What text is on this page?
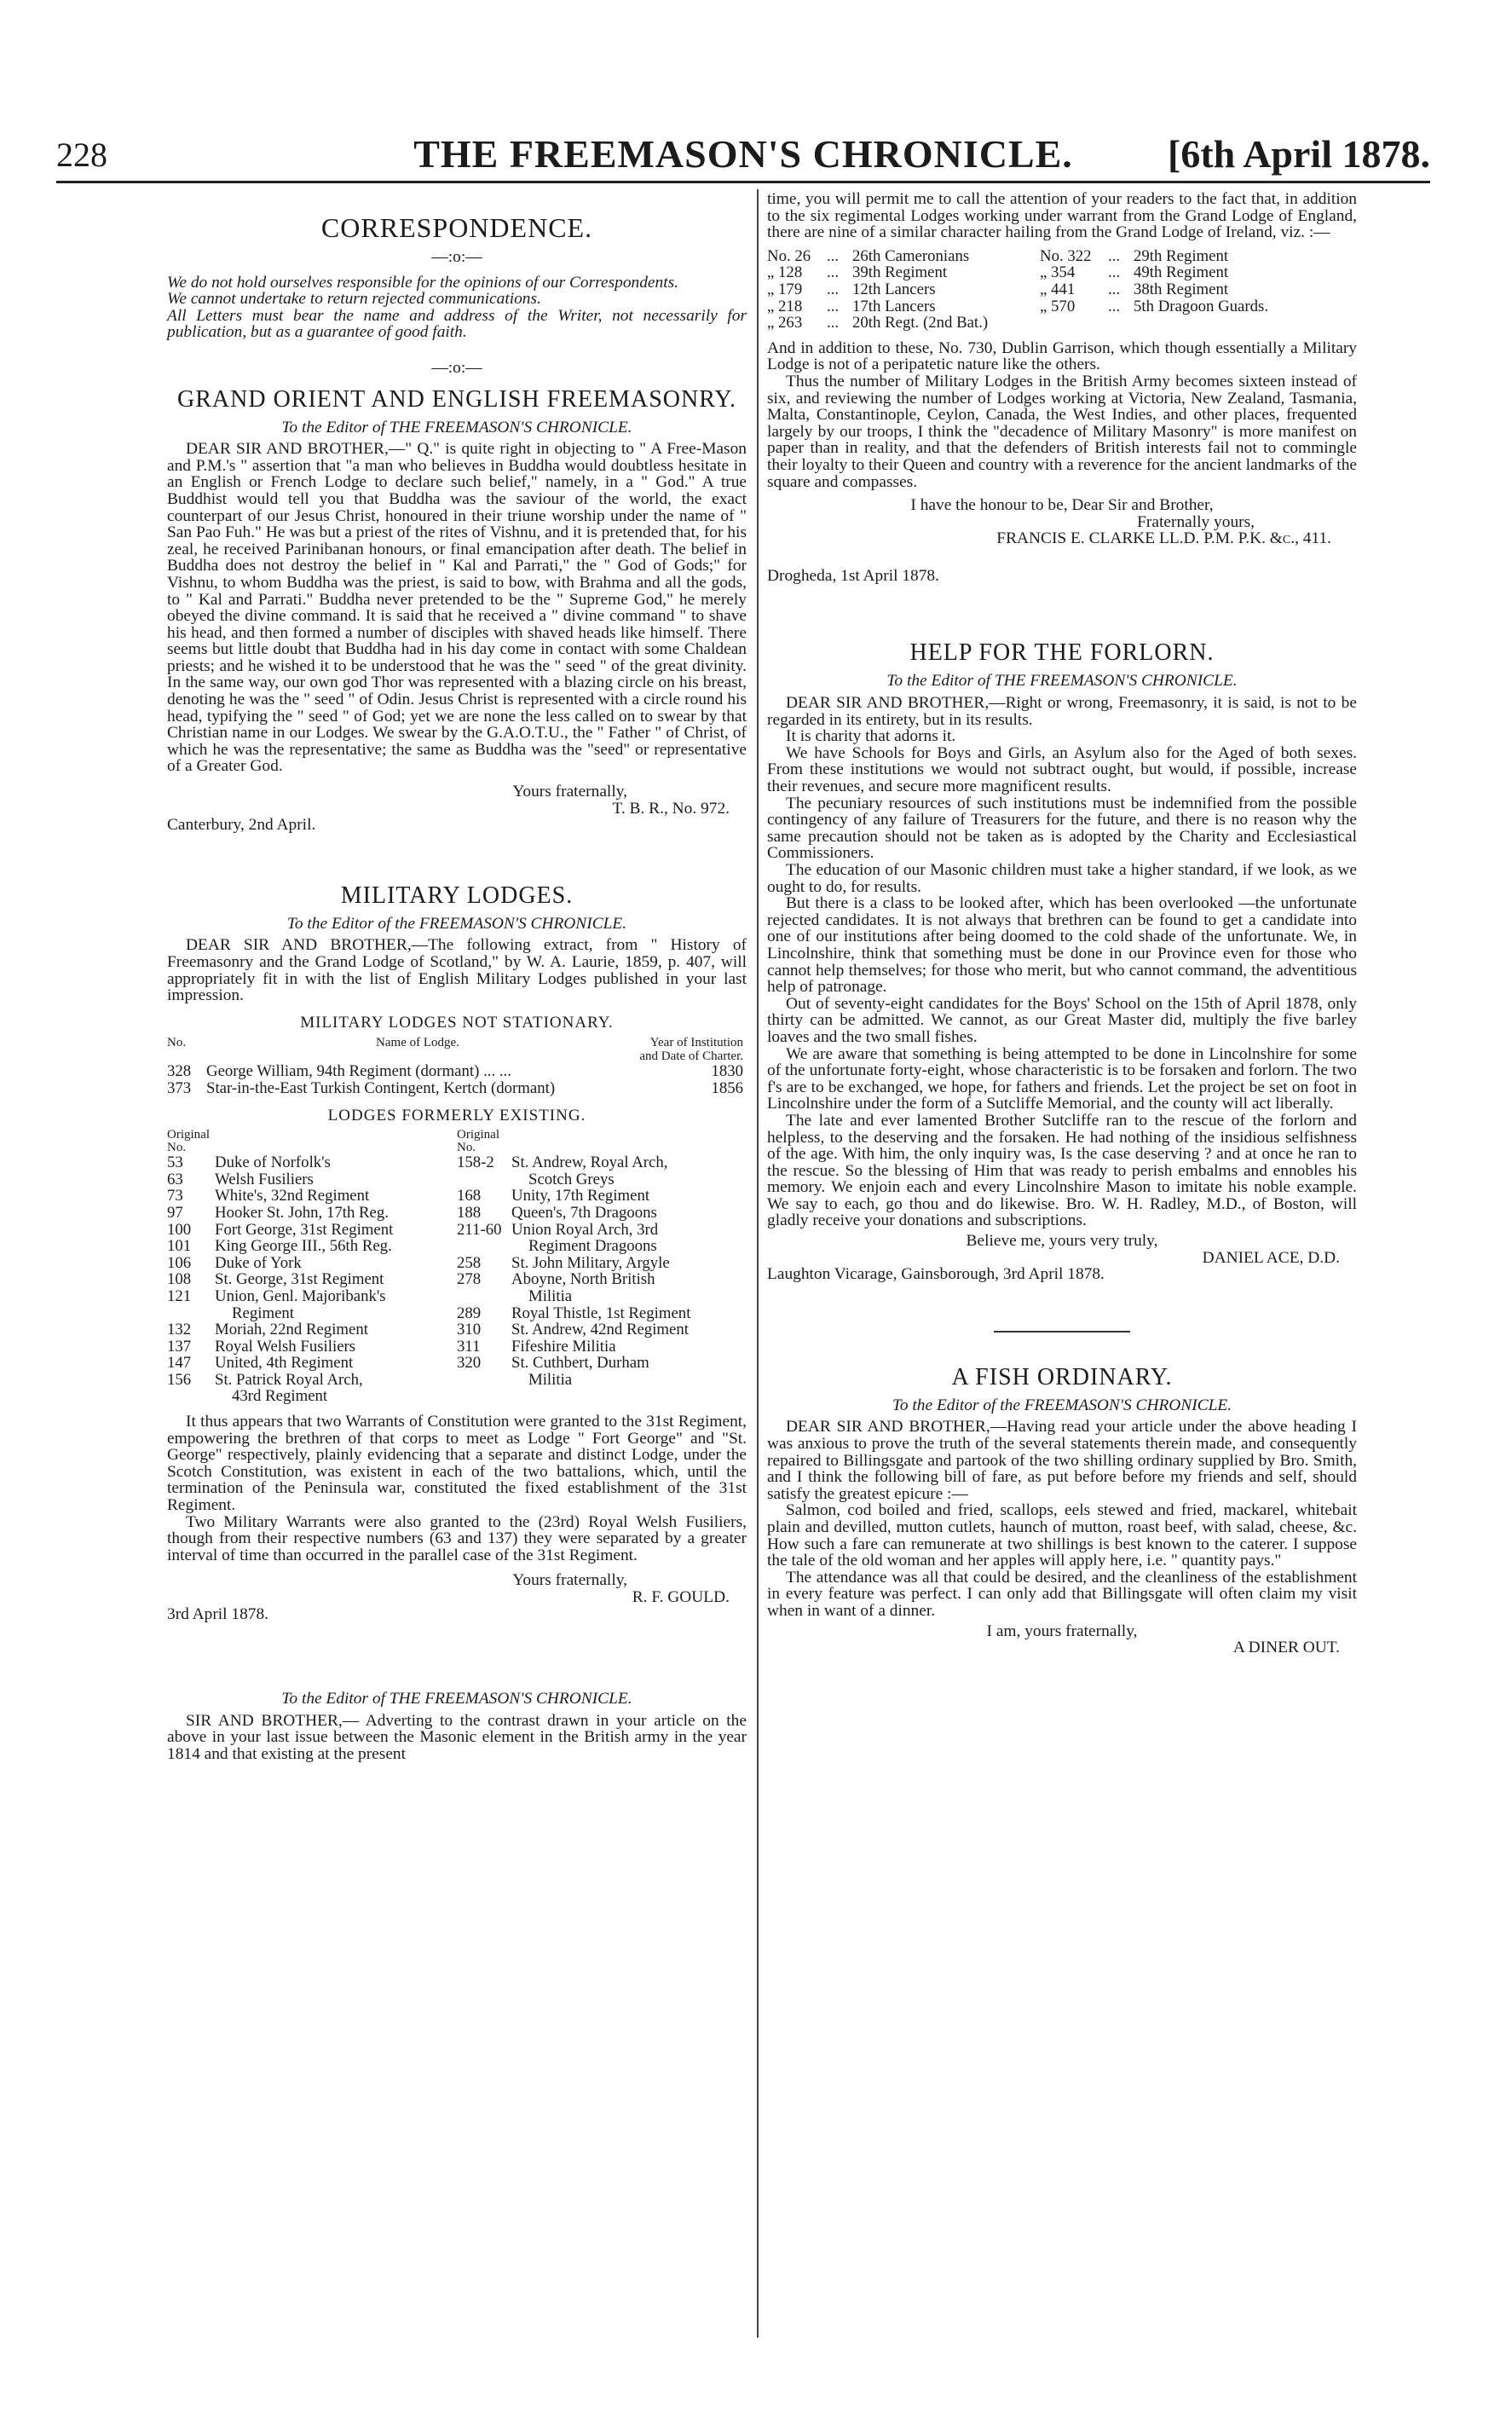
228	THE FREEMASON'S CHRONICLE.	[6th April 1878.
CORRESPONDENCE.
—:o:—

We do not hold ourselves responsible for the opinions of our Correspondents.

We cannot undertake to return rejected communications.

All Letters must bear the name and address of the Writer, not necessarily for publication, but as a guarantee of good faith.

—:o:—
GRAND ORIENT AND ENGLISH FREEMASONRY.
To the Editor of THE FREEMASON'S CHRONICLE.

DEAR SIR AND BROTHER,—" Q." is quite right in objecting to " A Free-Mason and P.M.'s " assertion that "a man who believes in Buddha would doubtless hesitate in an English or French Lodge to declare such belief," namely, in a " God." A true Buddhist would tell you that Buddha was the saviour of the world, the exact counterpart of our Jesus Christ, honoured in their triune worship under the name of " San Pao Fuh." He was but a priest of the rites of Vishnu, and it is pretended that, for his zeal, he received Parinibanan honours, or final emancipation after death. The belief in Buddha does not destroy the belief in " Kal and Parrati," the " God of Gods;" for Vishnu, to whom Buddha was the priest, is said to bow, with Brahma and all the gods, to " Kal and Parrati." Buddha never pretended to be the " Supreme God," he merely obeyed the divine command. It is said that he received a " divine command " to shave his head, and then formed a number of disciples with shaved heads like himself. There seems but little doubt that Buddha had in his day come in contact with some Chaldean priests; and he wished it to be understood that he was the " seed " of the great divinity. In the same way, our own god Thor was represented with a blazing circle on his breast, denoting he was the " seed " of Odin. Jesus Christ is represented with a circle round his head, typifying the " seed " of God; yet we are none the less called on to swear by that Christian name in our Lodges. We swear by the G.A.O.T.U., the " Father " of Christ, of which he was the representative; the same as Buddha was the "seed" or representative of a Greater God.

Yours fraternally,
T. B. R., No. 972.

Canterbury, 2nd April.

MILITARY LODGES.
To the Editor of the FREEMASON'S CHRONICLE.

DEAR SIR AND BROTHER,—The following extract, from " History of Freemasonry and the Grand Lodge of Scotland," by W. A. Laurie, 1859, p. 407, will appropriately fit in with the list of English Military Lodges published in your last impression.

MILITARY LODGES NOT STATIONARY.
No.	Name of Lodge.	Year of Institution and Date of Charter.
328	George William, 94th Regiment (dormant) ... ...	1830
373	Star-in-the-East Turkish Contingent, Kertch (dormant)	1856
LODGES FORMERLY EXISTING.
Original No.		Original No.	
53	Duke of Norfolk's	158-2	St. Andrew, Royal Arch,
63	Welsh Fusiliers		Scotch Greys
73	White's, 32nd Regiment	168	Unity, 17th Regiment
97	Hooker St. John, 17th Reg.	188	Queen's, 7th Dragoons
100	Fort George, 31st Regiment	211-60	Union Royal Arch, 3rd
101	King George III., 56th Reg.		Regiment Dragoons
106	Duke of York	258	St. John Military, Argyle
108	St. George, 31st Regiment	278	Aboyne, North British
121	Union, Genl. Majoribank's		Militia
	Regiment	289	Royal Thistle, 1st Regiment
132	Moriah, 22nd Regiment	310	St. Andrew, 42nd Regiment
137	Royal Welsh Fusiliers	311	Fifeshire Militia
147	United, 4th Regiment	320	St. Cuthbert, Durham
156	St. Patrick Royal Arch,		Militia
	43rd Regiment		

It thus appears that two Warrants of Constitution were granted to the 31st Regiment, empowering the brethren of that corps to meet as Lodge " Fort George" and "St. George" respectively, plainly evidencing that a separate and distinct Lodge, under the Scotch Constitution, was existent in each of the two battalions, which, until the termination of the Peninsula war, constituted the fixed establishment of the 31st Regiment.

Two Military Warrants were also granted to the (23rd) Royal Welsh Fusiliers, though from their respective numbers (63 and 137) they were separated by a greater interval of time than occurred in the parallel case of the 31st Regiment.

Yours fraternally,
R. F. GOULD.

3rd April 1878.

To the Editor of THE FREEMASON'S CHRONICLE.

SIR AND BROTHER,— Adverting to the contrast drawn in your article on the above in your last issue between the Masonic element in the British army in the year 1814 and that existing at the present

time, you will permit me to call the attention of your readers to the fact that, in addition to the six regimental Lodges working under warrant from the Grand Lodge of England, there are nine of a similar character hailing from the Grand Lodge of Ireland, viz. :—

No. 26	...	26th Cameronians	No. 322	...	29th Regiment
„ 128	...	39th Regiment	„ 354	...	49th Regiment
„ 179	...	12th Lancers	„ 441	...	38th Regiment
„ 218	...	17th Lancers	„ 570	...	5th Dragoon Guards.
„ 263	...	20th Regt. (2nd Bat.)			

And in addition to these, No. 730, Dublin Garrison, which though essentially a Military Lodge is not of a peripatetic nature like the others.

Thus the number of Military Lodges in the British Army becomes sixteen instead of six, and reviewing the number of Lodges working at Victoria, New Zealand, Tasmania, Malta, Constantinople, Ceylon, Canada, the West Indies, and other places, frequented largely by our troops, I think the "decadence of Military Masonry" is more manifest on paper than in reality, and that the defenders of British interests fail not to commingle their loyalty to their Queen and country with a reverence for the ancient landmarks of the square and compasses.

I have the honour to be, Dear Sir and Brother,
Fraternally yours,
FRANCIS E. CLARKE LL.D. P.M. P.K. &c., 411.

Drogheda, 1st April 1878.

HELP FOR THE FORLORN.
To the Editor of THE FREEMASON'S CHRONICLE.

DEAR SIR AND BROTHER,—Right or wrong, Freemasonry, it is said, is not to be regarded in its entirety, but in its results.

It is charity that adorns it.

We have Schools for Boys and Girls, an Asylum also for the Aged of both sexes. From these institutions we would not subtract ought, but would, if possible, increase their revenues, and secure more magnificent results.

The pecuniary resources of such institutions must be indemnified from the possible contingency of any failure of Treasurers for the future, and there is no reason why the same precaution should not be taken as is adopted by the Charity and Ecclesiastical Commissioners.

The education of our Masonic children must take a higher standard, if we look, as we ought to do, for results.

But there is a class to be looked after, which has been overlooked —the unfortunate rejected candidates. It is not always that brethren can be found to get a candidate into one of our institutions after being doomed to the cold shade of the unfortunate. We, in Lincolnshire, think that something must be done in our Province even for those who cannot help themselves; for those who merit, but who cannot command, the adventitious help of patronage.

Out of seventy-eight candidates for the Boys' School on the 15th of April 1878, only thirty can be admitted. We cannot, as our Great Master did, multiply the five barley loaves and the two small fishes.

We are aware that something is being attempted to be done in Lincolnshire for some of the unfortunate forty-eight, whose characteristic is to be forsaken and forlorn. The two f's are to be exchanged, we hope, for fathers and friends. Let the project be set on foot in Lincolnshire under the form of a Sutcliffe Memorial, and the county will act liberally.

The late and ever lamented Brother Sutcliffe ran to the rescue of the forlorn and helpless, to the deserving and the forsaken. He had nothing of the insidious selfishness of the age. With him, the only inquiry was, Is the case deserving ? and at once he ran to the rescue. So the blessing of Him that was ready to perish embalms and ennobles his memory. We enjoin each and every Lincolnshire Mason to imitate his noble example. We say to each, go thou and do likewise. Bro. W. H. Radley, M.D., of Boston, will gladly receive your donations and subscriptions.

Believe me, yours very truly,
DANIEL ACE, D.D.

Laughton Vicarage, Gainsborough, 3rd April 1878.

A FISH ORDINARY.
To the Editor of the FREEMASON'S CHRONICLE.

DEAR SIR AND BROTHER,—Having read your article under the above heading I was anxious to prove the truth of the several statements therein made, and consequently repaired to Billingsgate and partook of the two shilling ordinary supplied by Bro. Smith, and I think the following bill of fare, as put before before my friends and self, should satisfy the greatest epicure :—

Salmon, cod boiled and fried, scallops, eels stewed and fried, mackarel, whitebait plain and devilled, mutton cutlets, haunch of mutton, roast beef, with salad, cheese, &c. How such a fare can remunerate at two shillings is best known to the caterer. I suppose the tale of the old woman and her apples will apply here, i.e. " quantity pays."

The attendance was all that could be desired, and the cleanliness of the establishment in every feature was perfect. I can only add that Billingsgate will often claim my visit when in want of a dinner.

I am, yours fraternally,
A DINER OUT.
